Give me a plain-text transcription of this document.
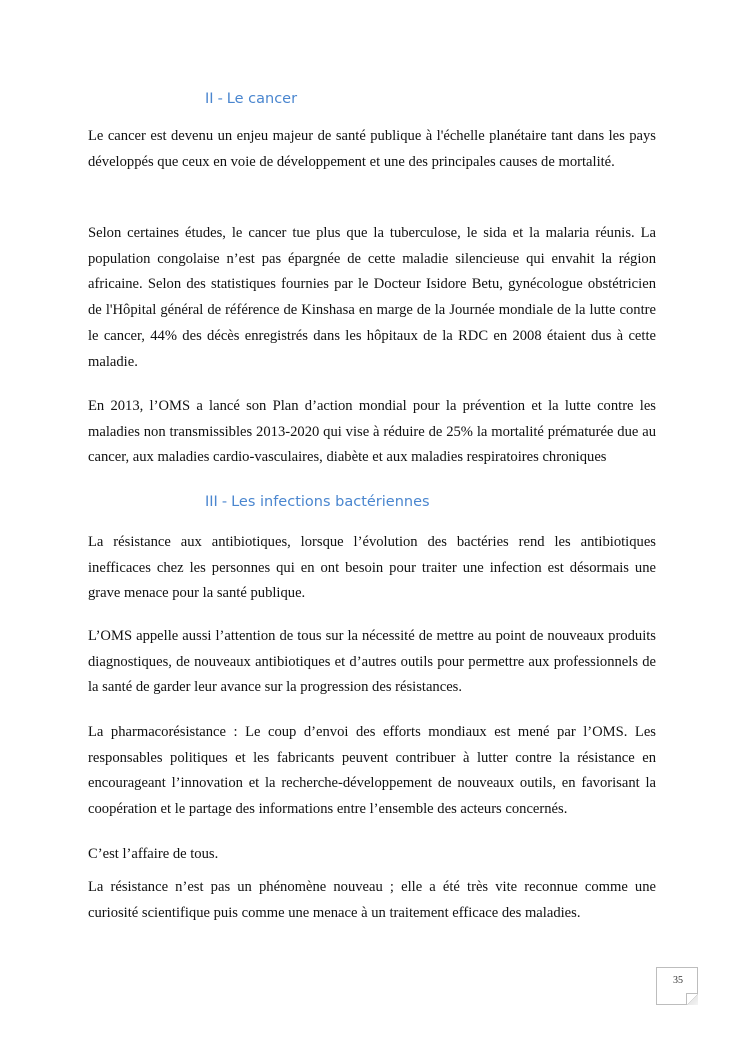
II - Le cancer

Le cancer est devenu un enjeu majeur de santé publique à l'échelle planétaire tant dans les pays développés que ceux en voie de développement et une des principales causes de mortalité.

Selon certaines études, le cancer tue plus que la tuberculose, le sida et la malaria réunis. La population congolaise n’est pas épargnée de cette maladie silencieuse qui envahit la région africaine. Selon des statistiques fournies par le Docteur Isidore Betu, gynécologue obstétricien de l'Hôpital général de référence de Kinshasa en marge de la Journée mondiale de la lutte contre le cancer, 44% des décès enregistrés dans les hôpitaux de la RDC en 2008 étaient dus à cette maladie.

En 2013, l’OMS a lancé son Plan d’action mondial pour la prévention et la lutte contre les maladies non transmissibles 2013-2020 qui vise à réduire de 25% la mortalité prématurée due au cancer, aux maladies cardio-vasculaires, diabète et aux maladies respiratoires chroniques

III - Les infections bactériennes

La résistance aux antibiotiques, lorsque l’évolution des bactéries rend les antibiotiques inefficaces chez les personnes qui en ont besoin pour traiter une infection est désormais une grave menace pour la santé publique.

L’OMS appelle aussi l’attention de tous sur la nécessité de mettre au point de nouveaux produits diagnostiques, de nouveaux antibiotiques et d’autres outils pour permettre aux professionnels de la santé de garder leur avance sur la progression des résistances.

La pharmacorésistance : Le coup d’envoi des efforts mondiaux est mené par l’OMS. Les responsables politiques et les fabricants peuvent contribuer à lutter contre la résistance en encourageant l’innovation et la recherche-développement de nouveaux outils, en favorisant la coopération et le partage des informations entre l’ensemble des acteurs concernés.

C’est l’affaire de tous.

La résistance n’est pas un phénomène nouveau ; elle a été très vite reconnue comme une curiosité scientifique puis comme une menace à un traitement efficace des maladies.

35
